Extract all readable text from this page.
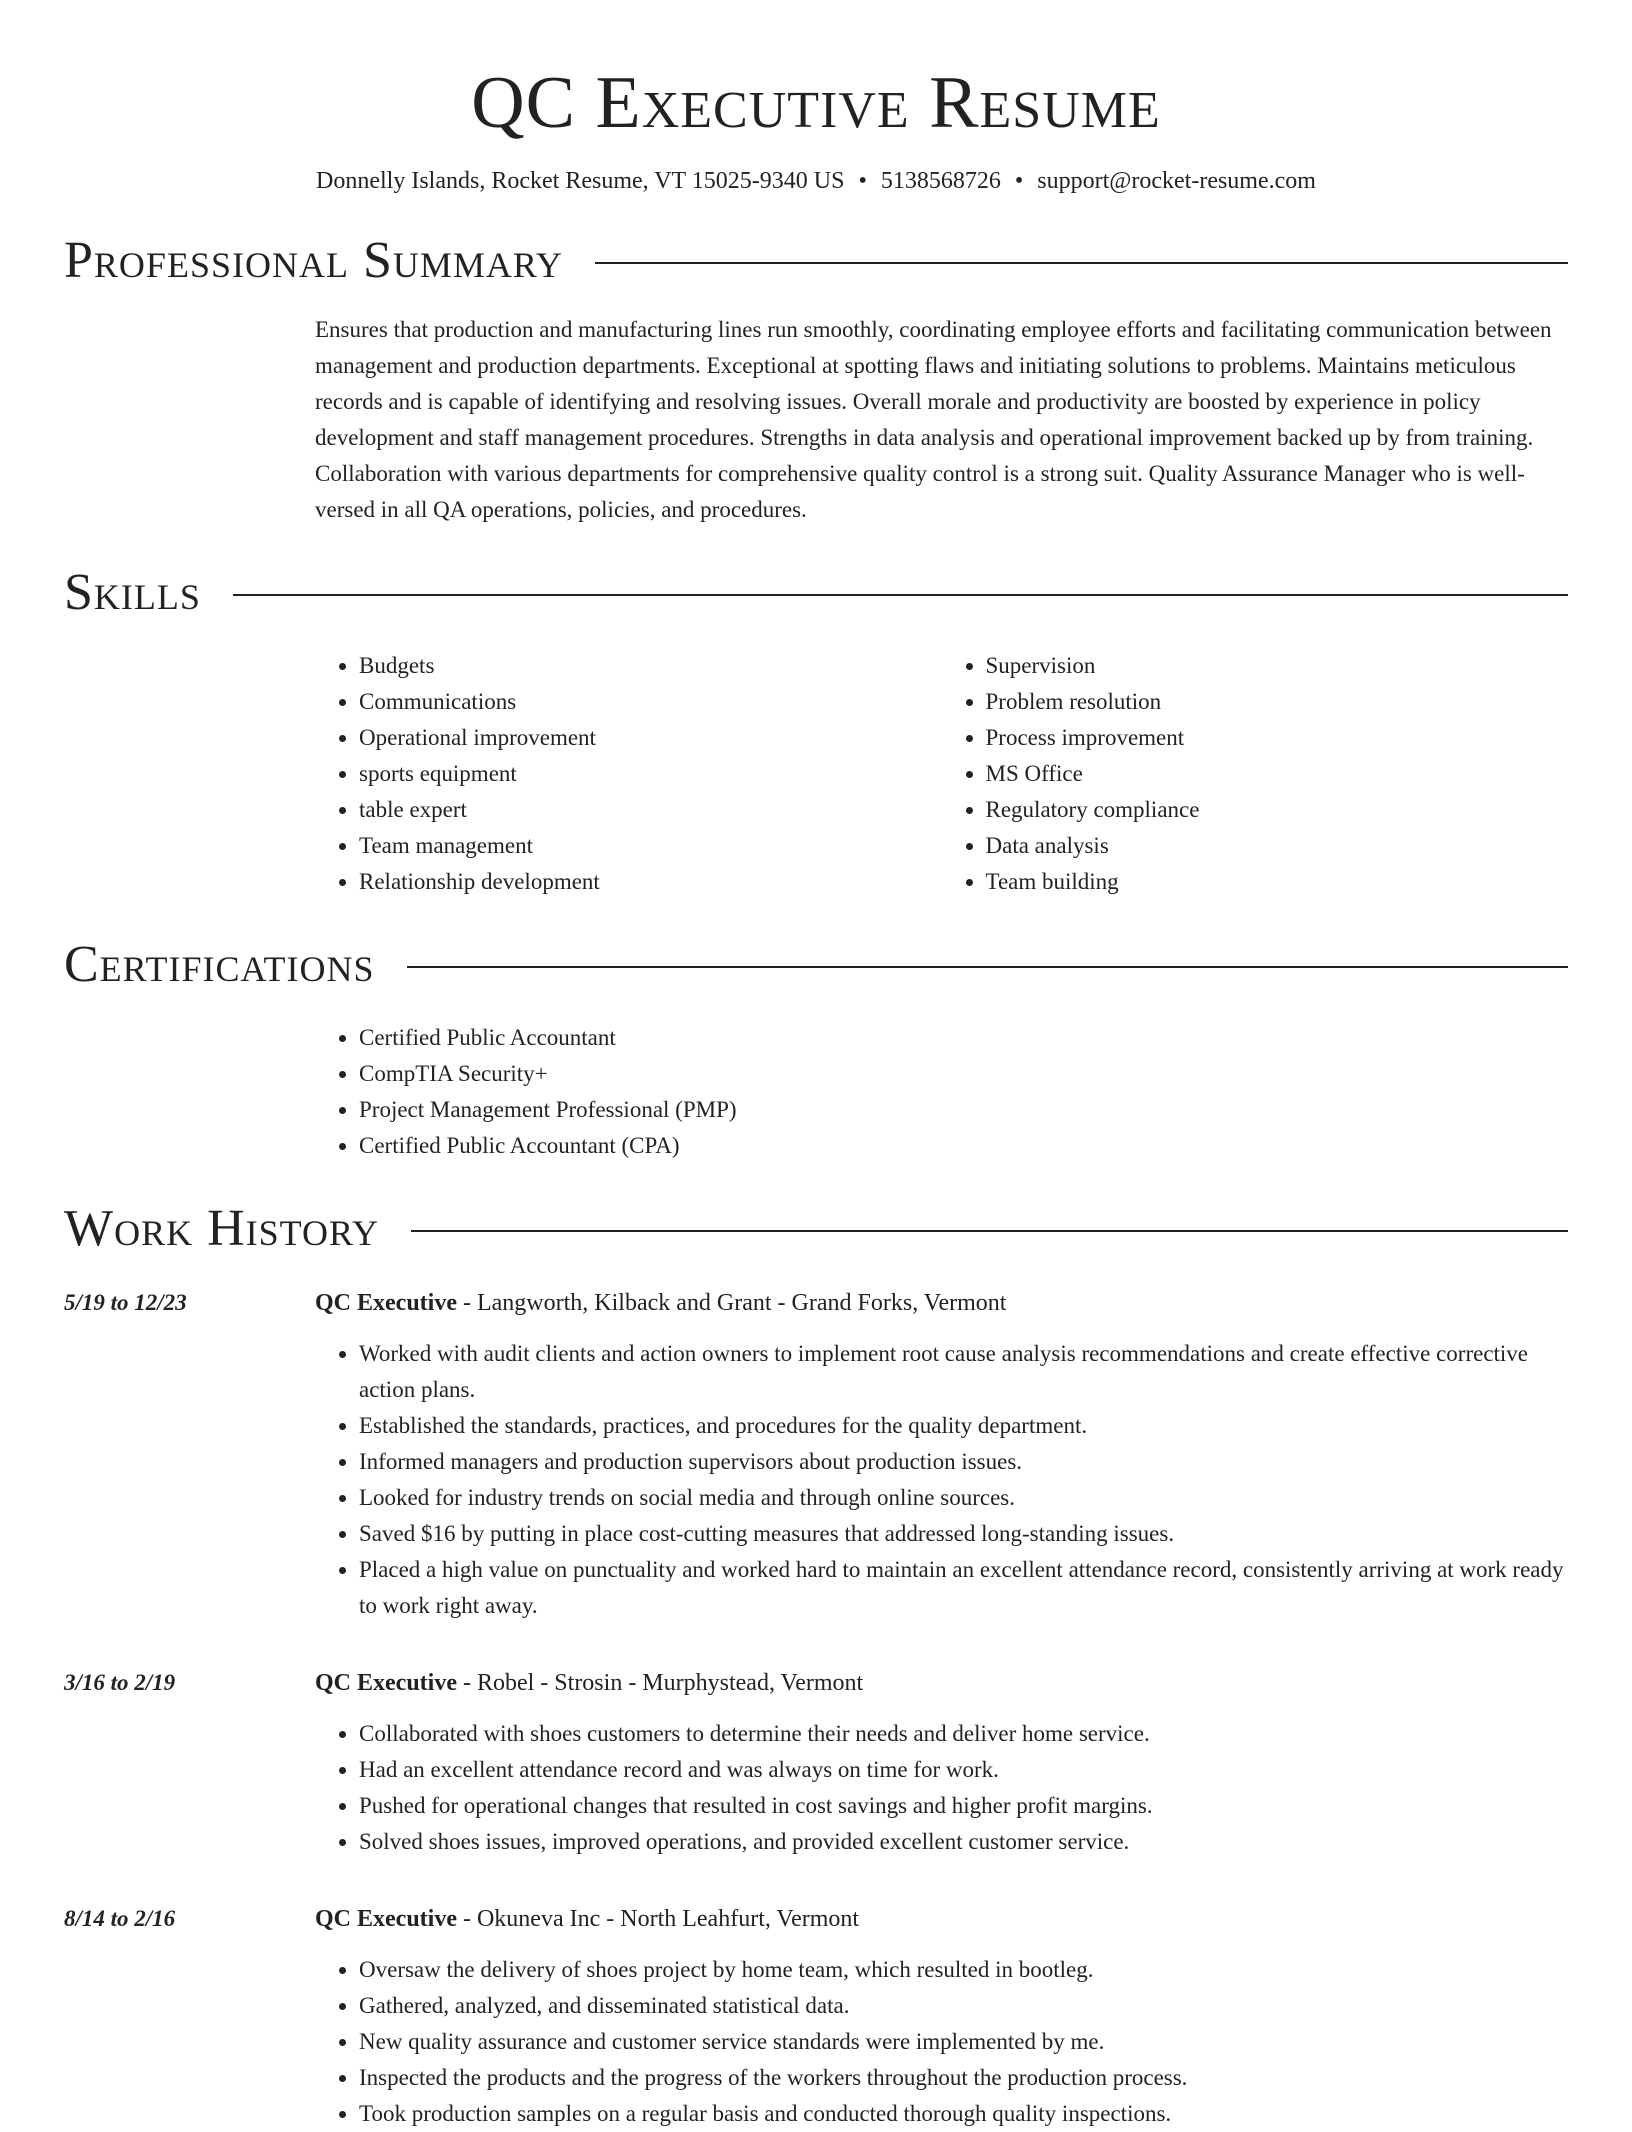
QC Executive Resume
Donnelly Islands, Rocket Resume, VT 15025-9340 US • 5138568726 • support@rocket-resume.com
Professional Summary

Ensures that production and manufacturing lines run smoothly, coordinating employee efforts and facilitating communication between management and production departments. Exceptional at spotting flaws and initiating solutions to problems. Maintains meticulous records and is capable of identifying and resolving issues. Overall morale and productivity are boosted by experience in policy development and staff management procedures. Strengths in data analysis and operational improvement backed up by from training. Collaboration with various departments for comprehensive quality control is a strong suit. Quality Assurance Manager who is well-versed in all QA operations, policies, and procedures.

Skills
• Budgets
• Communications
• Operational improvement
• sports equipment
• table expert
• Team management
• Relationship development
• Supervision
• Problem resolution
• Process improvement
• MS Office
• Regulatory compliance
• Data analysis
• Team building
Certifications
• Certified Public Accountant
• CompTIA Security+
• Project Management Professional (PMP)
• Certified Public Accountant (CPA)
Work History
5/19 to 12/23	QC Executive - Langworth, Kilback and Grant - Grand Forks, Vermont
• Worked with audit clients and action owners to implement root cause analysis recommendations and create effective corrective action plans.
• Established the standards, practices, and procedures for the quality department.
• Informed managers and production supervisors about production issues.
• Looked for industry trends on social media and through online sources.
• Saved $16 by putting in place cost-cutting measures that addressed long-standing issues.
• Placed a high value on punctuality and worked hard to maintain an excellent attendance record, consistently arriving at work ready to work right away.
3/16 to 2/19	QC Executive - Robel - Strosin - Murphystead, Vermont
• Collaborated with shoes customers to determine their needs and deliver home service.
• Had an excellent attendance record and was always on time for work.
• Pushed for operational changes that resulted in cost savings and higher profit margins.
• Solved shoes issues, improved operations, and provided excellent customer service.
8/14 to 2/16	QC Executive - Okuneva Inc - North Leahfurt, Vermont
• Oversaw the delivery of shoes project by home team, which resulted in bootleg.
• Gathered, analyzed, and disseminated statistical data.
• New quality assurance and customer service standards were implemented by me.
• Inspected the products and the progress of the workers throughout the production process.
• Took production samples on a regular basis and conducted thorough quality inspections.
